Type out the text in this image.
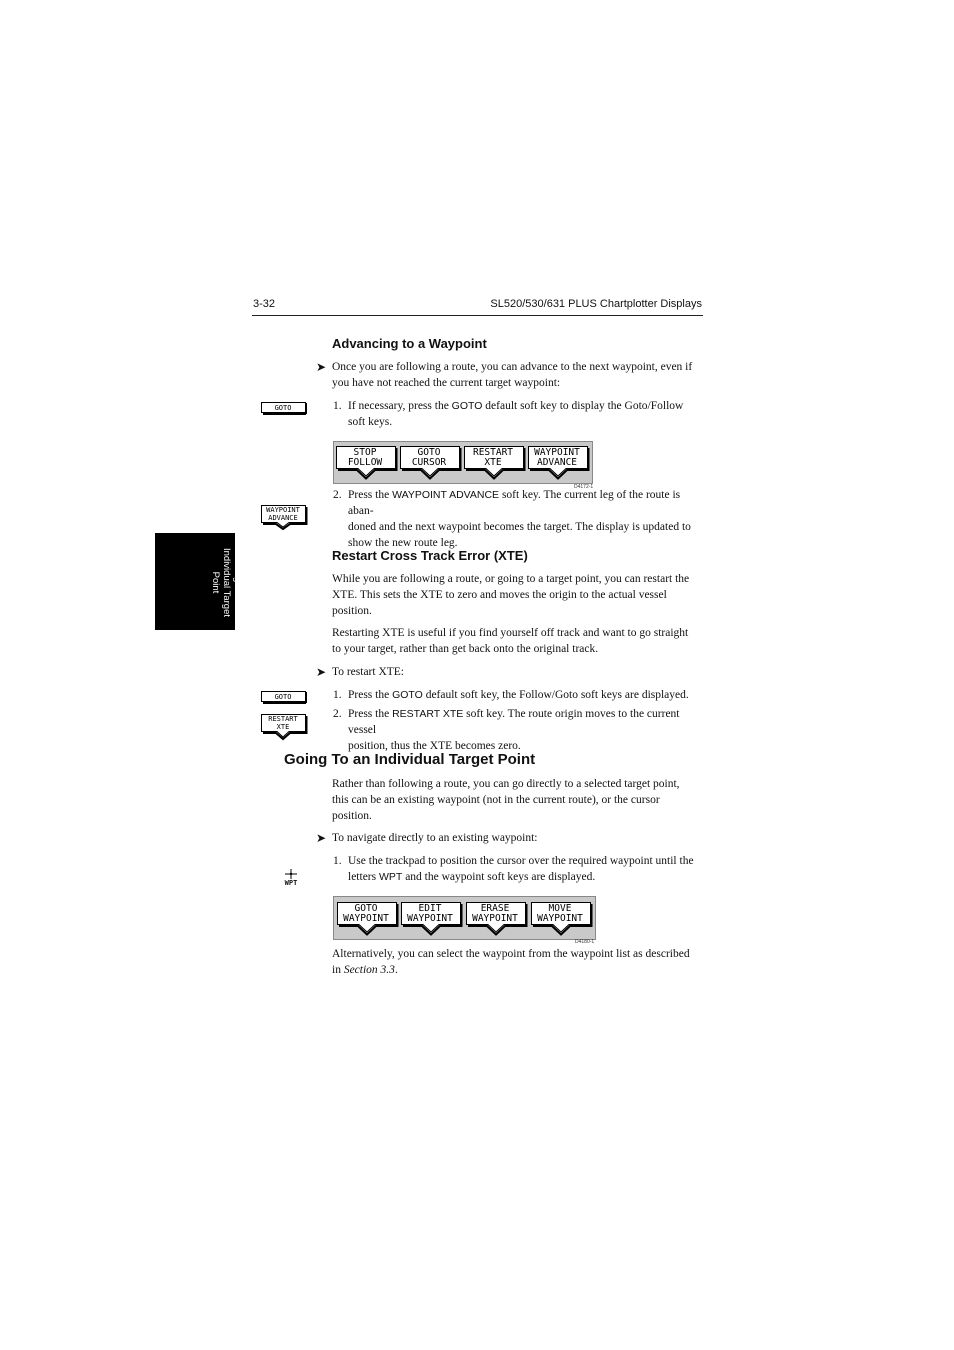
3-32	SL520/530/631 PLUS Chartplotter Displays
Going To an
Individual Target
Point
Advancing to a Waypoint
➤ Once you are following a route, you can advance to the next waypoint, even if
you have not reached the current target waypoint:
GOTO	1. If necessary, press the GOTO default soft key to display the Goto/Follow
soft keys.
STOP
FOLLOW
GOTO
CURSOR
RESTART
XTE
WAYPOINT
ADVANCE
D4172-1
WAYPOINT
ADVANCE
2. Press the WAYPOINT ADVANCE soft key. The current leg of the route is aban-
doned and the next waypoint becomes the target. The display is updated to
show the new route leg.
Restart Cross Track Error (XTE)
While you are following a route, or going to a target point, you can restart the
XTE. This sets the XTE to zero and moves the origin to the actual vessel
position.
Restarting XTE is useful if you find yourself off track and want to go straight
to your target, rather than get back onto the original track.
➤ To restart XTE:
GOTO	1. Press the GOTO default soft key, the Follow/Goto soft keys are displayed.
RESTART
XTE
2. Press the RESTART XTE soft key. The route origin moves to the current vessel
position, thus the XTE becomes zero.
Going To an Individual Target Point
Rather than following a route, you can go directly to a selected target point,
this can be an existing waypoint (not in the current route), or the cursor
position.
➤ To navigate directly to an existing waypoint:
WPT
1. Use the trackpad to position the cursor over the required waypoint until the
letters WPT and the waypoint soft keys are displayed.
GOTO
WAYPOINT
EDIT
WAYPOINT
ERASE
WAYPOINT
MOVE
WAYPOINT
D4180-1
Alternatively, you can select the waypoint from the waypoint list as described
in Section 3.3.
